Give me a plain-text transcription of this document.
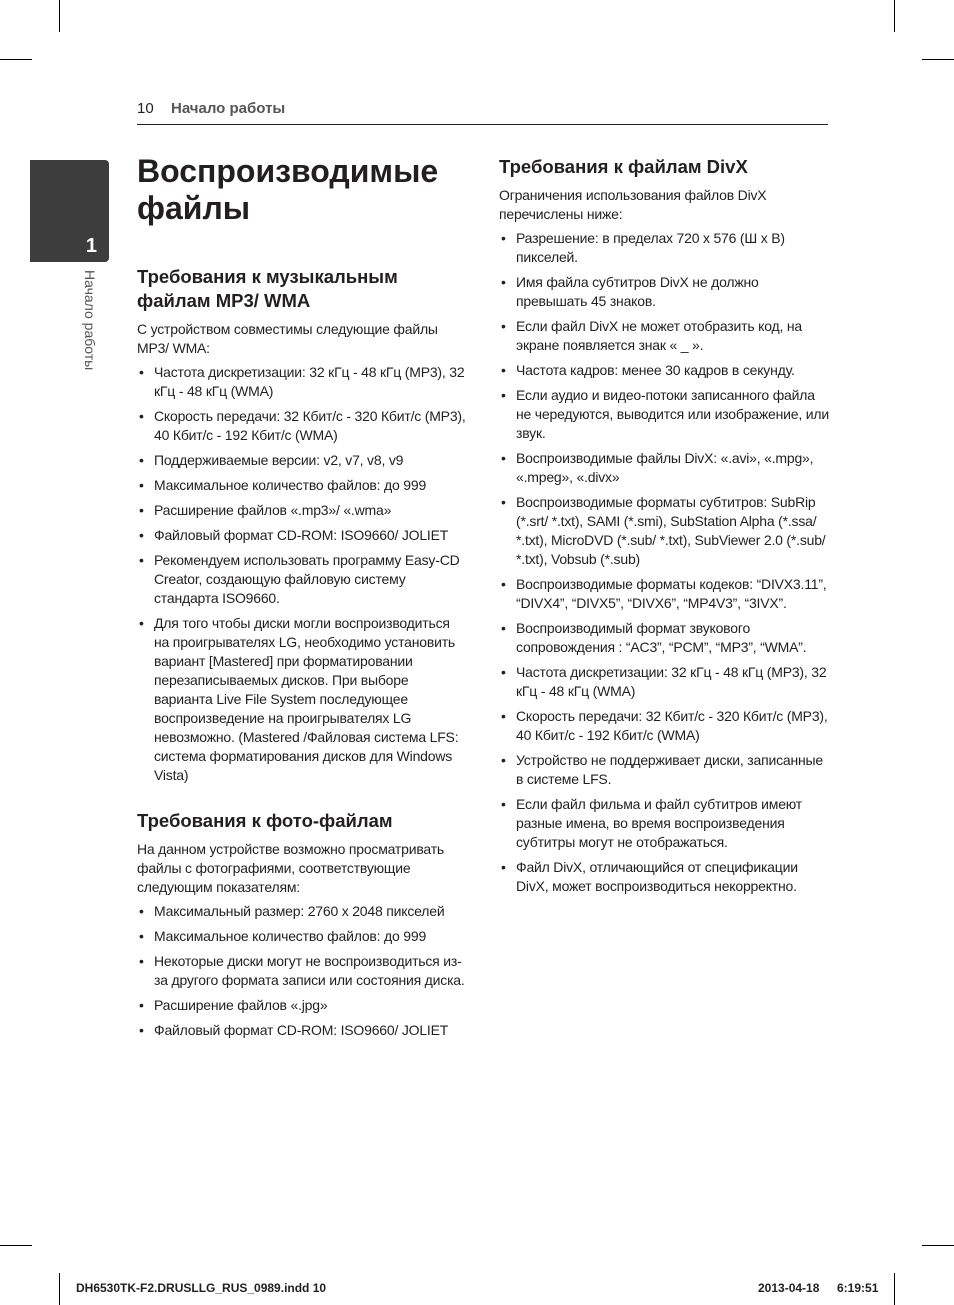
10 Начало работы
1
Начало работы
Воспроизводимые файлы
Требования к музыкальным файлам MP3/ WMA

С устройством совместимы следующие файлы MP3/ WMA:

• Частота дискретизации: 32 кГц - 48 кГц (MP3), 32 кГц - 48 кГц (WMA)
• Скорость передачи: 32 Кбит/с - 320 Кбит/с (MP3), 40 Кбит/с - 192 Кбит/с (WMA)
• Поддерживаемые версии: v2, v7, v8, v9
• Максимальное количество файлов: до 999
• Расширение файлов «.mp3»/ «.wma»
• Файловый формат CD-ROM: ISO9660/ JOLIET
• Рекомендуем использовать программу Easy-CD Creator, создающую файловую систему стандарта ISO9660.
• Для того чтобы диски могли воспроизводиться на проигрывателях LG, необходимо установить вариант [Mastered] при форматировании перезаписываемых дисков. При выборе варианта Live File System последующее воспроизведение на проигрывателях LG невозможно. (Mastered /Файловая система LFS: система форматирования дисков для Windows Vista)
Требования к фото-файлам

На данном устройстве возможно просматривать файлы с фотографиями, соответствующие следующим показателям:

• Максимальный размер: 2760 x 2048 пикселей
• Максимальное количество файлов: до 999
• Некоторые диски могут не воспроизводиться из-за другого формата записи или состояния диска.
• Расширение файлов «.jpg»
• Файловый формат CD-ROM: ISO9660/ JOLIET
Требования к файлам DivX

Ограничения использования файлов DivX перечислены ниже:

• Разрешение: в пределах 720 x 576 (Ш x В) пикселей.
• Имя файла субтитров DivX не должно превышать 45 знаков.
• Если файл DivX не может отобразить код, на экране появляется знак « _ ».
• Частота кадров: менее 30 кадров в секунду.
• Если аудио и видео-потоки записанного файла не чередуются, выводится или изображение, или звук.
• Воспроизводимые файлы DivX: «.avi», «.mpg», «.mpeg», «.divx»
• Воспроизводимые форматы субтитров: SubRip (*.srt/ *.txt), SAMI (*.smi), SubStation Alpha (*.ssa/ *.txt), MicroDVD (*.sub/ *.txt), SubViewer 2.0 (*.sub/ *.txt), Vobsub (*.sub)
• Воспроизводимые форматы кодеков: “DIVX3.11”, “DIVX4”, “DIVX5”, “DIVX6”, “MP4V3”, “3IVX”.
• Воспроизводимый формат звукового сопровождения : “AC3”, “PCM”, “MP3”, “WMA”.
• Частота дискретизации: 32 кГц - 48 кГц (MP3), 32 кГц - 48 кГц (WMA)
• Скорость передачи: 32 Кбит/с - 320 Кбит/с (MP3), 40 Кбит/с - 192 Кбит/с (WMA)
• Устройство не поддерживает диски, записанные в системе LFS.
• Если файл фильма и файл субтитров имеют разные имена, во время воспроизведения субтитры могут не отображаться.
• Файл DivX, отличающийся от спецификации DivX, может воспроизводиться некорректно.
DH6530TK-F2.DRUSLLG_RUS_0989.indd 10	2013-04-18 6:19:51
